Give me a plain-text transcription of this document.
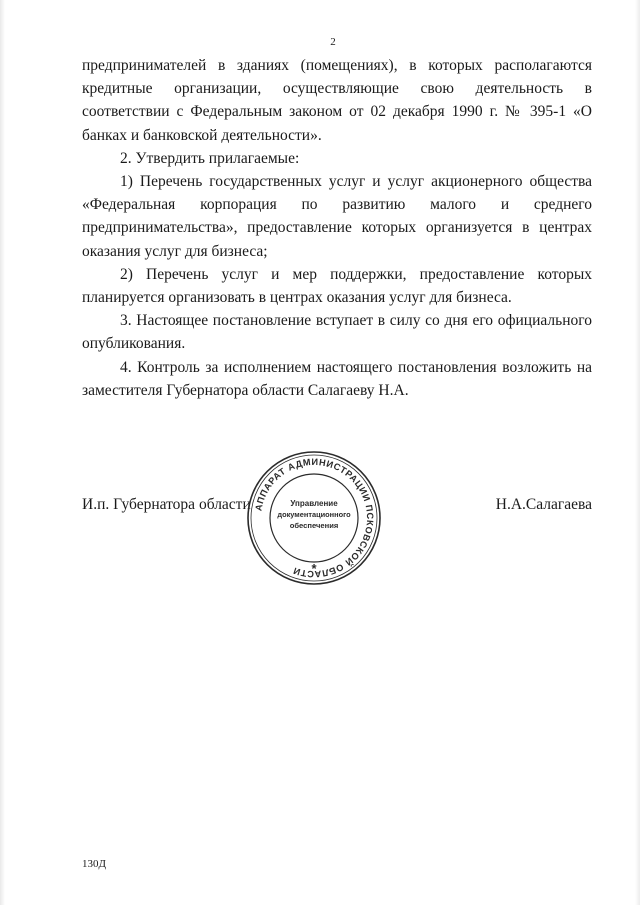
2

предпринимателей в зданиях (помещениях), в которых располагаются кредитные организации, осуществляющие свою деятельность в соответствии с Федеральным законом от 02 декабря 1990 г. № 395-1 «О банках и банковской деятельности».

2. Утвердить прилагаемые:

1) Перечень государственных услуг и услуг акционерного общества «Федеральная корпорация по развитию малого и среднего предпринимательства», предоставление которых организуется в центрах оказания услуг для бизнеса;

2) Перечень услуг и мер поддержки, предоставление которых планируется организовать в центрах оказания услуг для бизнеса.

3. Настоящее постановление вступает в силу со дня его официального опубликования.

4. Контроль за исполнением настоящего постановления возложить на заместителя Губернатора области Салагаеву Н.А.

И.п. Губернатора области	Н.А.Салагаева
АППАРАТ АДМИНИСТРАЦИИ ПСКОВСКОЙ ОБЛАСТИ
Управление
документационного
обеспечения
*
130Д
